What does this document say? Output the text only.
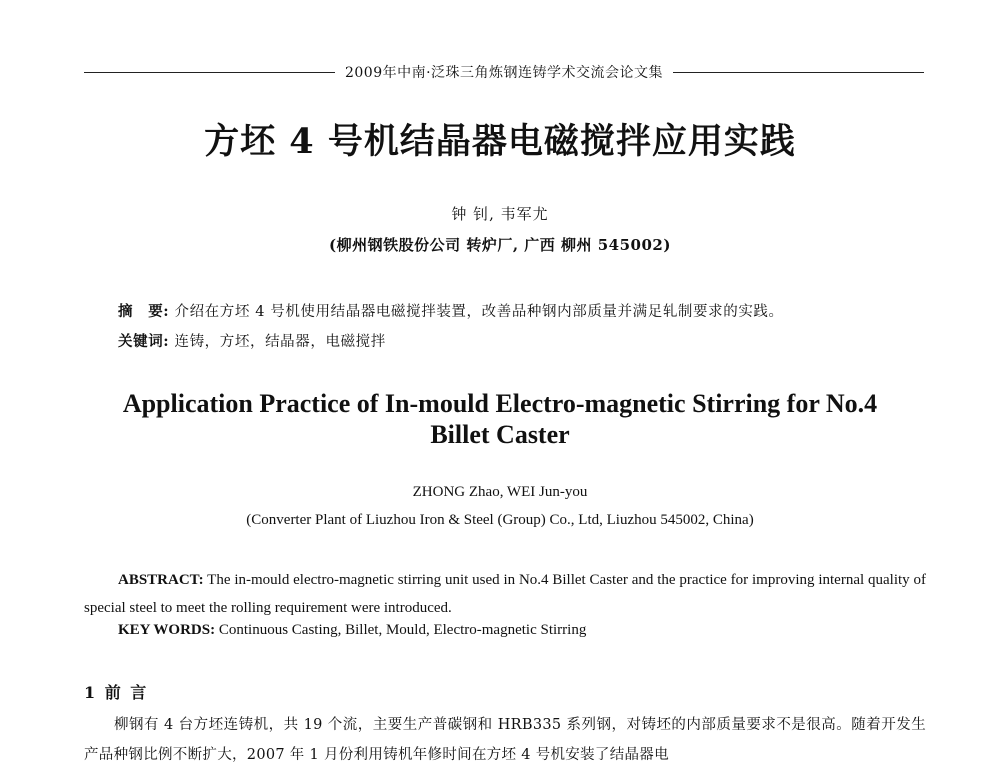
2009年中南·泛珠三角炼钢连铸学术交流会论文集
方坯 4 号机结晶器电磁搅拌应用实践
钟 钊, 韦军尤
(柳州钢铁股份公司 转炉厂, 广西 柳州 545002)
摘　要: 介绍在方坯 4 号机使用结晶器电磁搅拌装置，改善品种钢内部质量并满足轧制要求的实践。
关键词: 连铸，方坯，结晶器，电磁搅拌
Application Practice of In-mould Electro-magnetic Stirring for No.4
Billet Caster
ZHONG Zhao, WEI Jun-you
(Converter Plant of Liuzhou Iron & Steel (Group) Co., Ltd, Liuzhou 545002, China)
ABSTRACT: The in-mould electro-magnetic stirring unit used in No.4 Billet Caster and the practice for improving internal quality of special steel to meet the rolling requirement were introduced.
KEY WORDS: Continuous Casting, Billet, Mould, Electro-magnetic Stirring
1 前 言
柳钢有 4 台方坯连铸机，共 19 个流，主要生产普碳钢和 HRB335 系列钢，对铸坯的内部质量要求不是很高。随着开发生产品种钢比例不断扩大，2007 年 1 月份利用铸机年修时间在方坯 4 号机安装了结晶器电
